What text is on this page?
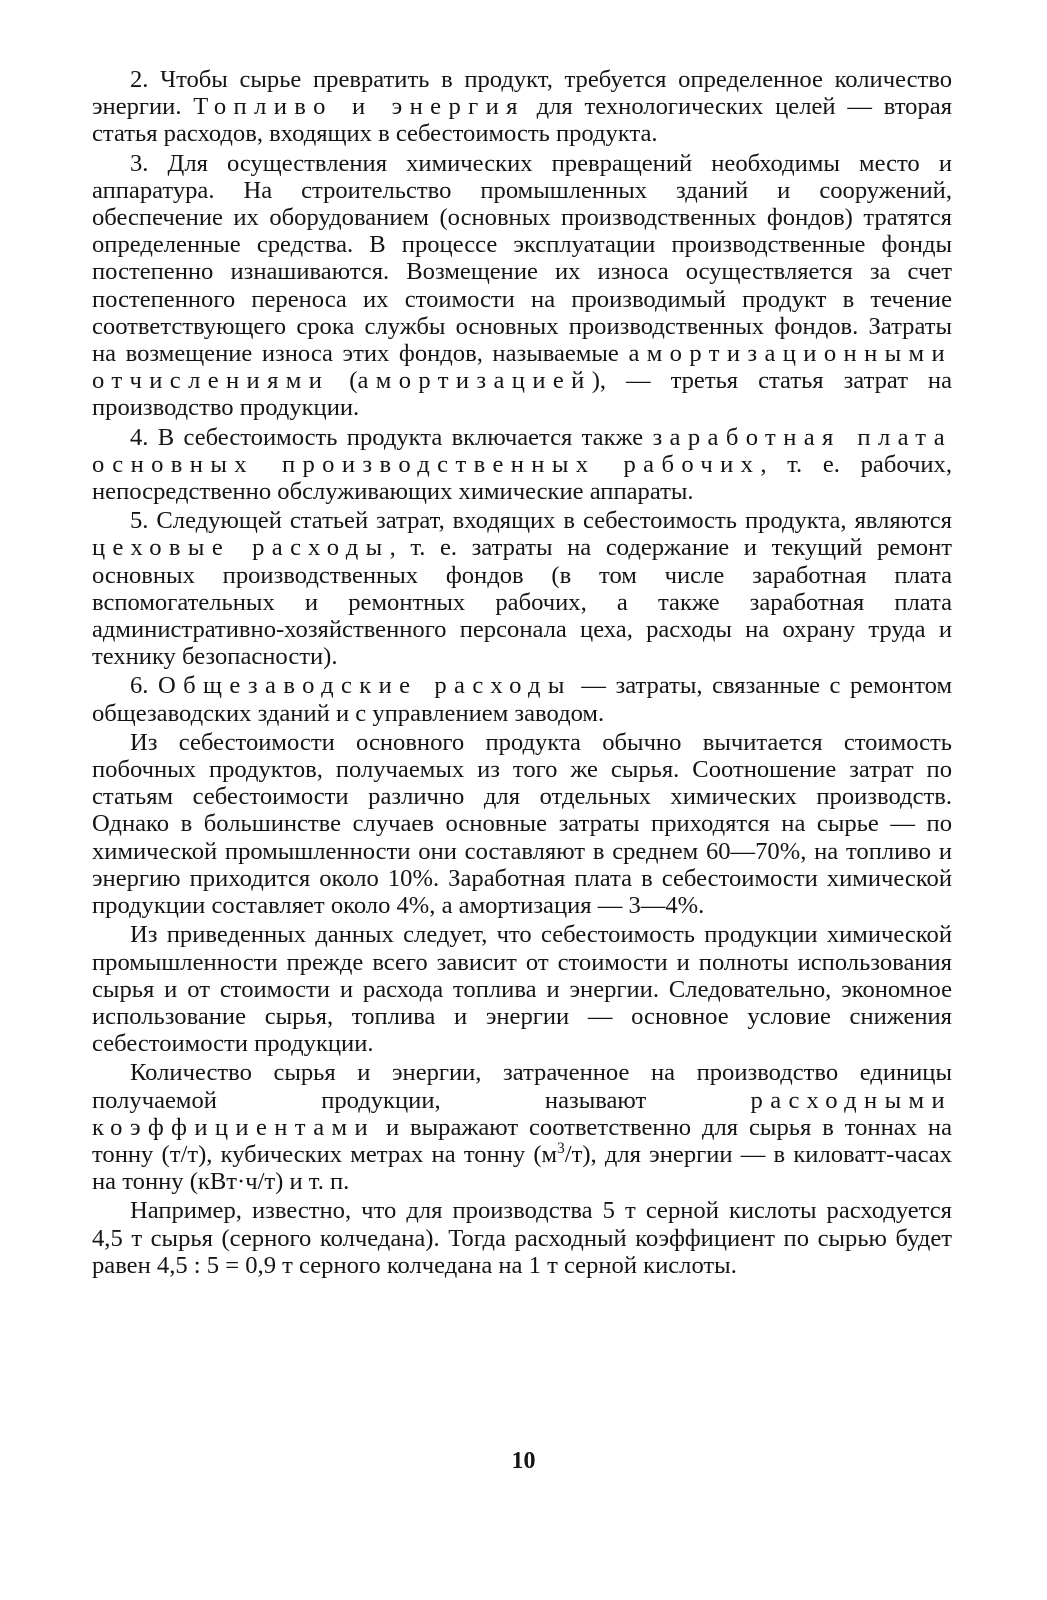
2. Чтобы сырье превратить в продукт, требуется определенное количество энергии. Топливо и энергия для технологических целей — вторая статья расходов, входящих в себестоимость продукта.

3. Для осуществления химических превращений необходимы место и аппаратура. На строительство промышленных зданий и сооружений, обеспечение их оборудованием (основных производственных фондов) тратятся определенные средства. В процессе эксплуатации производственные фонды постепенно изнашиваются. Возмещение их износа осуществляется за счет постепенного переноса их стоимости на производимый продукт в течение соответствующего срока службы основных производственных фондов. Затраты на возмещение износа этих фондов, называемые амортизационными отчислениями (амортизацией), — третья статья затрат на производство продукции.

4. В себестоимость продукта включается также заработная плата основных производственных рабочих, т. е. рабочих, непосредственно обслуживающих химические аппараты.

5. Следующей статьей затрат, входящих в себестоимость продукта, являются цеховые расходы, т. е. затраты на содержание и текущий ремонт основных производственных фондов (в том числе заработная плата вспомогательных и ремонтных рабочих, а также заработная плата административно-хозяйственного персонала цеха, расходы на охрану труда и технику безопасности).

6. Общезаводские расходы — затраты, связанные с ремонтом общезаводских зданий и с управлением заводом.

Из себестоимости основного продукта обычно вычитается стоимость побочных продуктов, получаемых из того же сырья. Соотношение затрат по статьям себестоимости различно для отдельных химических производств. Однако в большинстве случаев основные затраты приходятся на сырье — по химической промышленности они составляют в среднем 60—70%, на топливо и энергию приходится около 10%. Заработная плата в себестоимости химической продукции составляет около 4%, а амортизация — 3—4%.

Из приведенных данных следует, что себестоимость продукции химической промышленности прежде всего зависит от стоимости и полноты использования сырья и от стоимости и расхода топлива и энергии. Следовательно, экономное использование сырья, топлива и энергии — основное условие снижения себестоимости продукции.

Количество сырья и энергии, затраченное на производство единицы получаемой продукции, называют расходными коэффициентами и выражают соответственно для сырья в тоннах на тонну (т/т), кубических метрах на тонну $(м^3/т)$, для энергии — в киловатт-часах на тонну (кВт·ч/т) и т. п.

Например, известно, что для производства 5 т серной кислоты расходуется 4,5 т сырья (серного колчедана). Тогда расходный коэффициент по сырью будет равен 4,5 : 5 = 0,9 т серного колчедана на 1 т серной кислоты.

10
